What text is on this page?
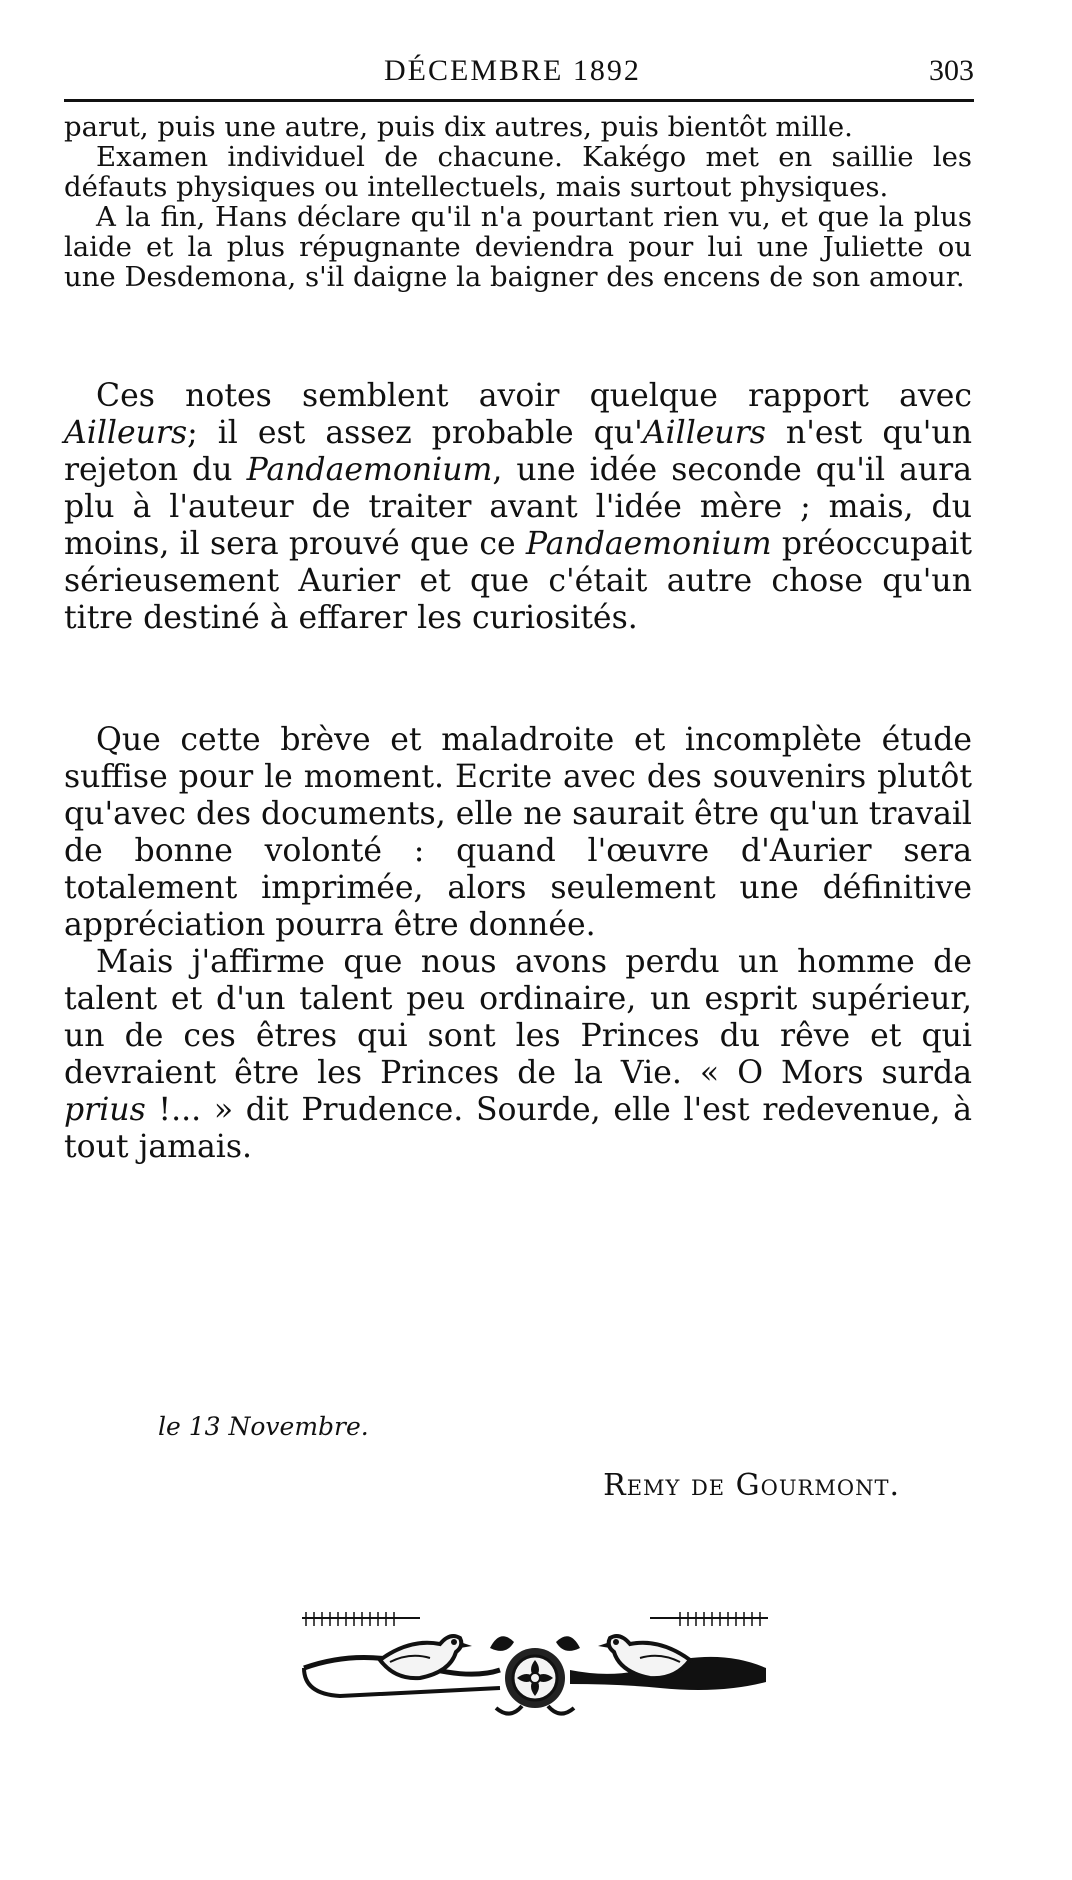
DÉCEMBRE 1892	303

parut, puis une autre, puis dix autres, puis bientôt mille.

Examen individuel de chacune. Kakégo met en saillie les défauts physiques ou intellectuels, mais surtout physiques.

A la fin, Hans déclare qu'il n'a pourtant rien vu, et que la plus laide et la plus répugnante deviendra pour lui une Juliette ou une Desdemona, s'il daigne la baigner des encens de son amour.

Ces notes semblent avoir quelque rapport avec Ailleurs; il est assez probable qu'Ailleurs n'est qu'un rejeton du Pandaemonium, une idée seconde qu'il aura plu à l'auteur de traiter avant l'idée mère ; mais, du moins, il sera prouvé que ce Pandaemonium préoccupait sérieusement Aurier et que c'était autre chose qu'un titre destiné à effarer les curiosités.

Que cette brève et maladroite et incomplète étude suffise pour le moment. Ecrite avec des souvenirs plutôt qu'avec des documents, elle ne saurait être qu'un travail de bonne volonté : quand l'œuvre d'Aurier sera totalement imprimée, alors seulement une définitive appréciation pourra être donnée.

Mais j'affirme que nous avons perdu un homme de talent et d'un talent peu ordinaire, un esprit supérieur, un de ces êtres qui sont les Princes du rêve et qui devraient être les Princes de la Vie. « O Mors surda prius !... » dit Prudence. Sourde, elle l'est redevenue, à tout jamais.

le 13 Novembre.
Remy de Gourmont.
